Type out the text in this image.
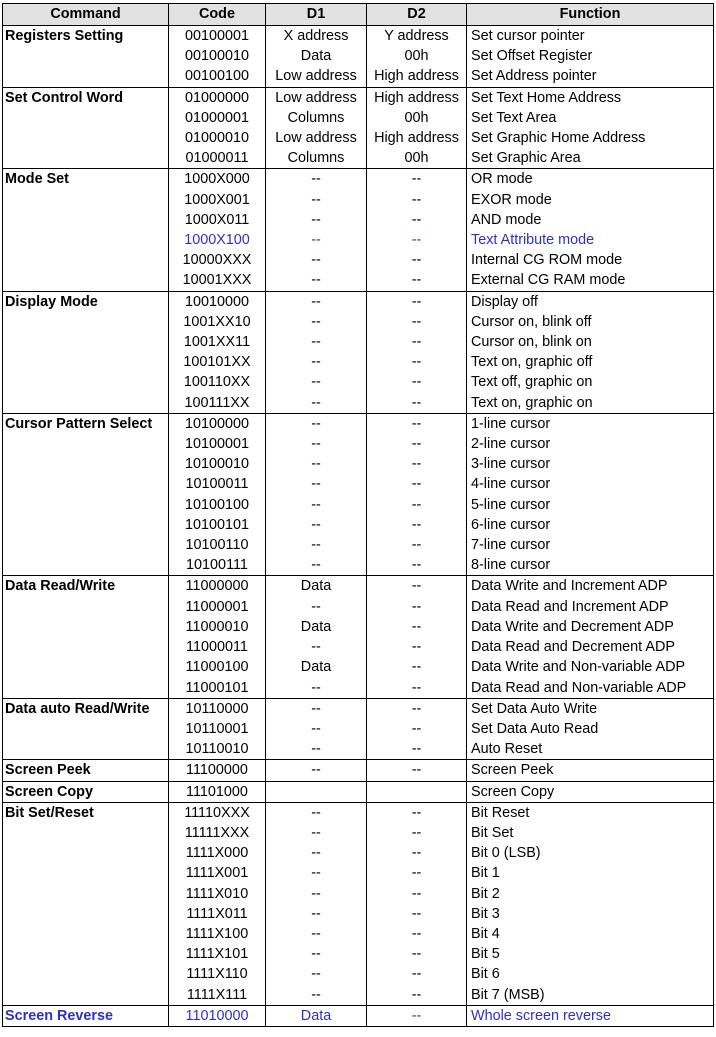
Command	Code	D1	D2	Function
Registers Setting	00100001	X address	Y address	Set cursor pointer
	00100010	Data	00h	Set Offset Register
	00100100	Low address	High address	Set Address pointer
Set Control Word	01000000	Low address	High address	Set Text Home Address
	01000001	Columns	00h	Set Text Area
	01000010	Low address	High address	Set Graphic Home Address
	01000011	Columns	00h	Set Graphic Area
Mode Set	1000X000	--	--	OR mode
	1000X001	--	--	EXOR mode
	1000X011	--	--	AND mode
	1000X100	--	--	Text Attribute mode
	10000XXX	--	--	Internal CG ROM mode
	10001XXX	--	--	External CG RAM mode
Display Mode	10010000	--	--	Display off
	1001XX10	--	--	Cursor on, blink off
	1001XX11	--	--	Cursor on, blink on
	100101XX	--	--	Text on, graphic off
	100110XX	--	--	Text off, graphic on
	100111XX	--	--	Text on, graphic on
Cursor Pattern Select	10100000	--	--	1-line cursor
	10100001	--	--	2-line cursor
	10100010	--	--	3-line cursor
	10100011	--	--	4-line cursor
	10100100	--	--	5-line cursor
	10100101	--	--	6-line cursor
	10100110	--	--	7-line cursor
	10100111	--	--	8-line cursor
Data Read/Write	11000000	Data	--	Data Write and Increment ADP
	11000001	--	--	Data Read and Increment ADP
	11000010	Data	--	Data Write and Decrement ADP
	11000011	--	--	Data Read and Decrement ADP
	11000100	Data	--	Data Write and Non-variable ADP
	11000101	--	--	Data Read and Non-variable ADP
Data auto Read/Write	10110000	--	--	Set Data Auto Write
	10110001	--	--	Set Data Auto Read
	10110010	--	--	Auto Reset
Screen Peek	11100000	--	--	Screen Peek
Screen Copy	11101000			Screen Copy
Bit Set/Reset	11110XXX	--	--	Bit Reset
	11111XXX	--	--	Bit Set
	1111X000	--	--	Bit 0 (LSB)
	1111X001	--	--	Bit 1
	1111X010	--	--	Bit 2
	1111X011	--	--	Bit 3
	1111X100	--	--	Bit 4
	1111X101	--	--	Bit 5
	1111X110	--	--	Bit 6
	1111X111	--	--	Bit 7 (MSB)
Screen Reverse	11010000	Data	--	Whole screen reverse
